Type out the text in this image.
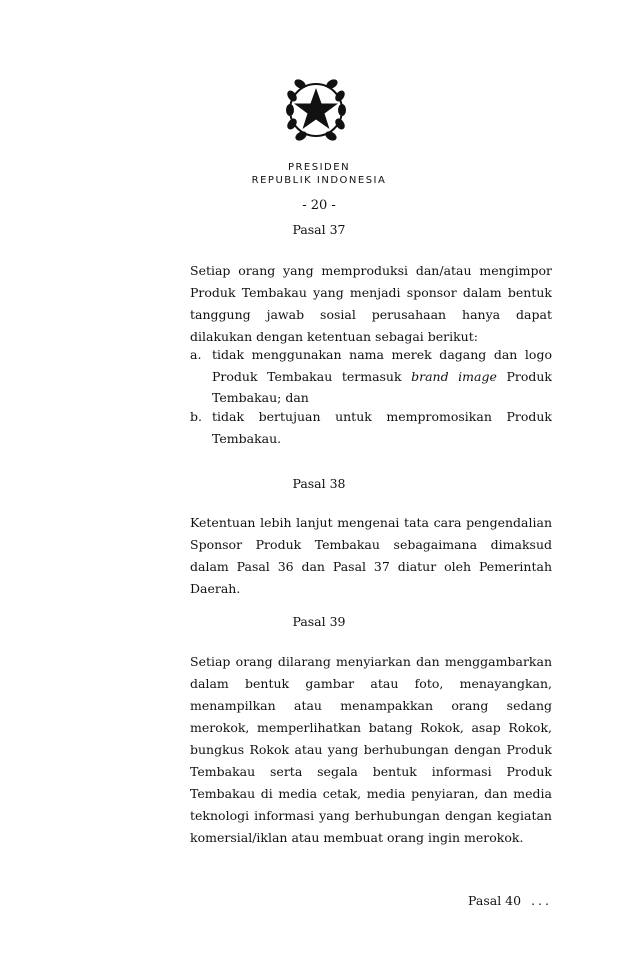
PRESIDEN
REPUBLIK INDONESIA
- 20 -
Pasal 37
Setiap orang yang memproduksi dan/atau mengimpor Produk Tembakau yang menjadi sponsor dalam bentuk tanggung jawab sosial perusahaan hanya dapat dilakukan dengan ketentuan sebagai berikut:
a. tidak menggunakan nama merek dagang dan logo Produk Tembakau termasuk brand image Produk Tembakau; dan
b. tidak bertujuan untuk mempromosikan Produk Tembakau.
Pasal 38
Ketentuan lebih lanjut mengenai tata cara pengendalian Sponsor Produk Tembakau sebagaimana dimaksud dalam Pasal 36 dan Pasal 37 diatur oleh Pemerintah Daerah.
Pasal 39
Setiap orang dilarang menyiarkan dan menggambarkan dalam bentuk gambar atau foto, menayangkan, menampilkan atau menampakkan orang sedang merokok, memperlihatkan batang Rokok, asap Rokok, bungkus Rokok atau yang berhubungan dengan Produk Tembakau serta segala bentuk informasi Produk Tembakau di media cetak, media penyiaran, dan media teknologi informasi yang berhubungan dengan kegiatan komersial/iklan atau membuat orang ingin merokok.
Pasal 40 ...
